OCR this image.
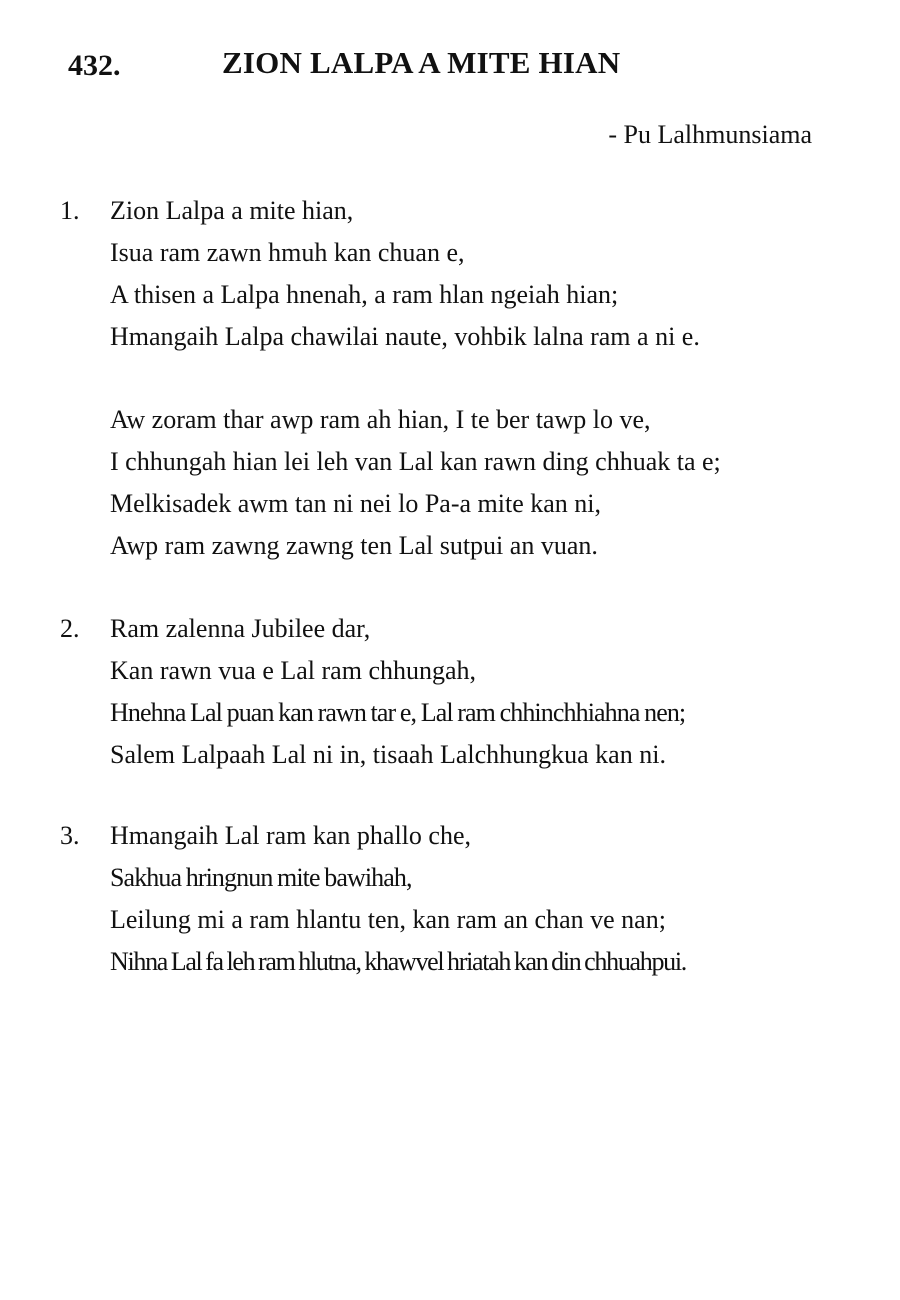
432.	ZION LALPA A MITE HIAN
- Pu Lalhmunsiama
1. Zion Lalpa a mite hian,
Isua ram zawn hmuh kan chuan e,
A thisen a Lalpa hnenah, a ram hlan ngeiah hian;
Hmangaih Lalpa chawilai naute, vohbik lalna ram a ni e.
Aw zoram thar awp ram ah hian, I te ber tawp lo ve,
I chhungah hian lei leh van Lal kan rawn ding chhuak ta e;
Melkisadek awm tan ni nei lo Pa-a mite kan ni,
Awp ram zawng zawng ten Lal sutpui an vuan.
2. Ram zalenna Jubilee dar,
Kan rawn vua e Lal ram chhungah,
Hnehna Lal puan kan rawn tar e, Lal ram chhinchhiahna nen;
Salem Lalpaah Lal ni in, tisaah Lalchhungkua kan ni.
3. Hmangaih Lal ram kan phallo che,
Sakhua hringnun mite bawihah,
Leilung mi a ram hlantu ten, kan ram an chan ve nan;
Nihna Lal fa leh ram hlutna, khawvel hriatah kan din chhuahpui.
